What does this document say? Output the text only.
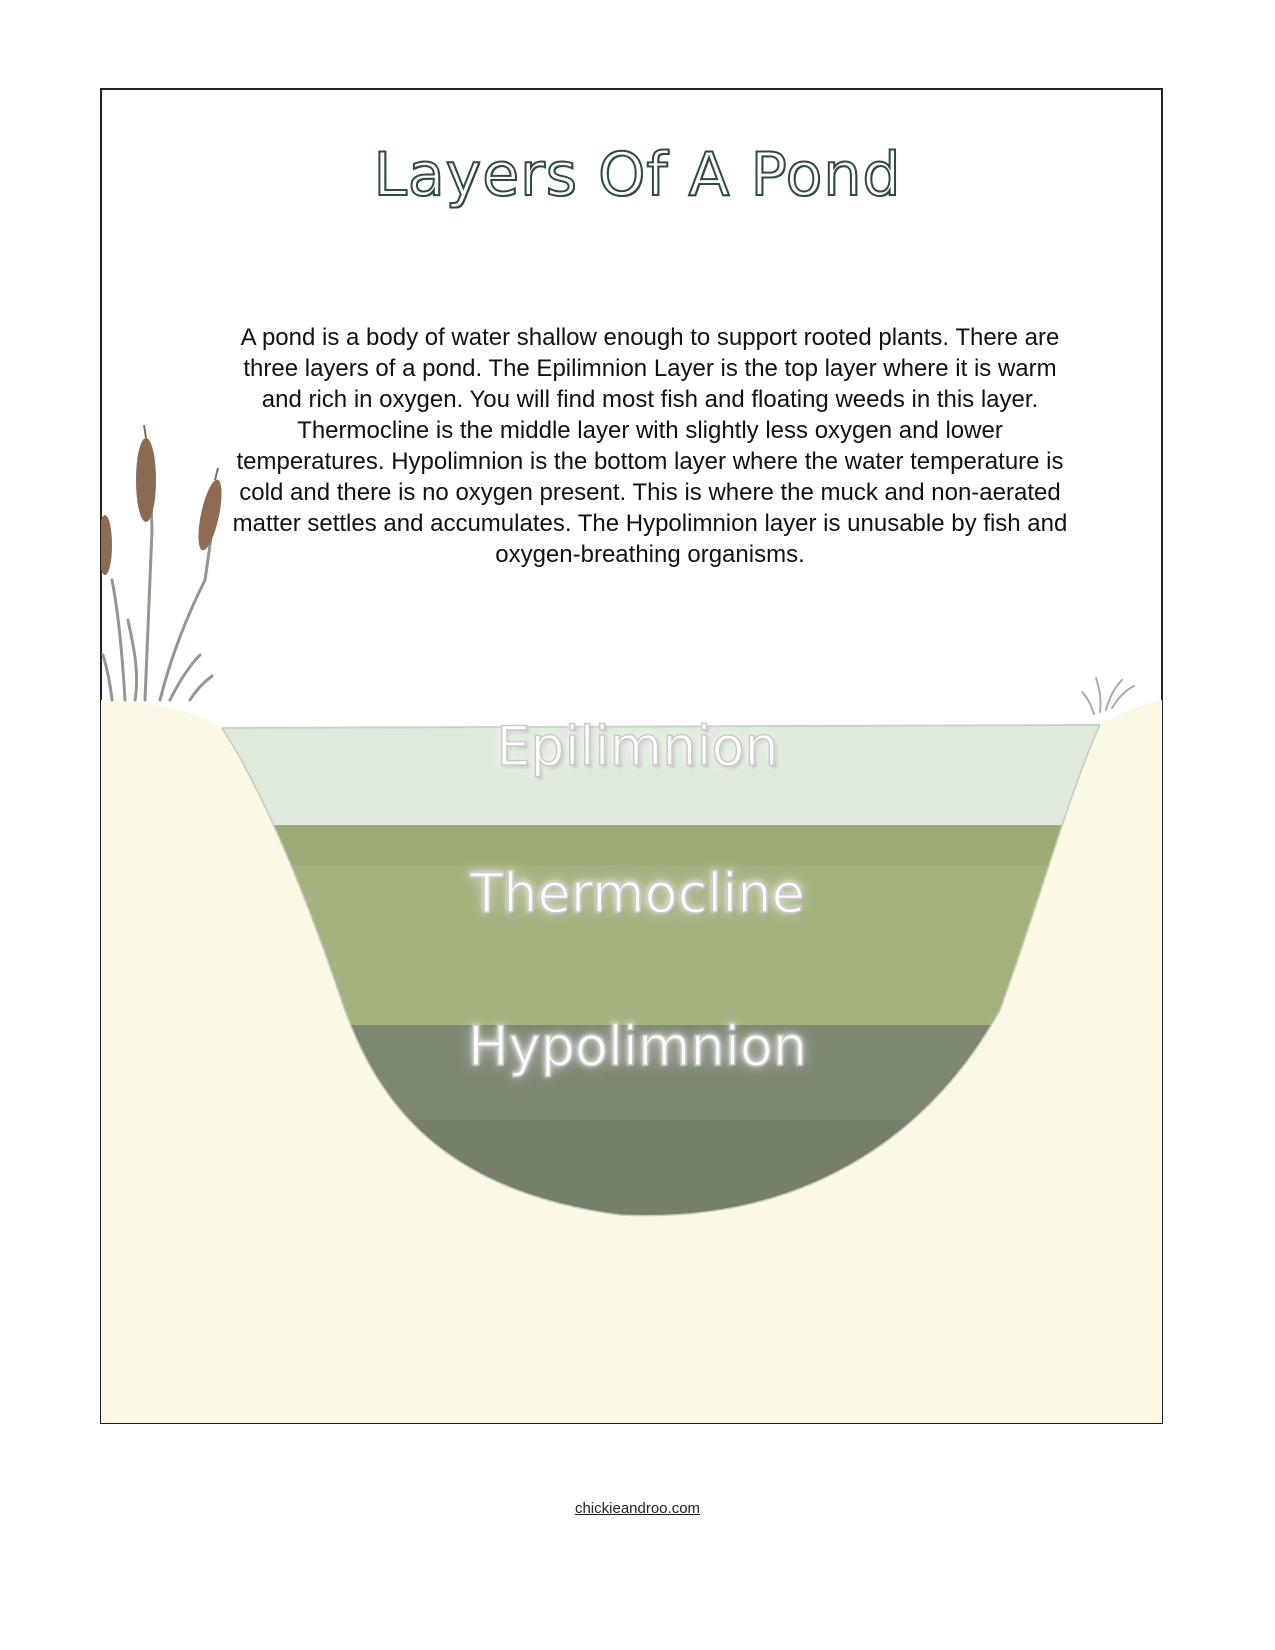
Layers Of A Pond
A pond is a body of water shallow enough to support rooted plants. There are three layers of a pond. The Epilimnion Layer is the top layer where it is warm and rich in oxygen. You will find most fish and floating weeds in this layer. Thermocline is the middle layer with slightly less oxygen and lower temperatures. Hypolimnion is the bottom layer where the water temperature is cold and there is no oxygen present. This is where the muck and non-aerated matter settles and accumulates. The Hypolimnion layer is unusable by fish and oxygen-breathing organisms.
Epilimnion
Thermocline
Hypolimnion
chickieandroo.com
